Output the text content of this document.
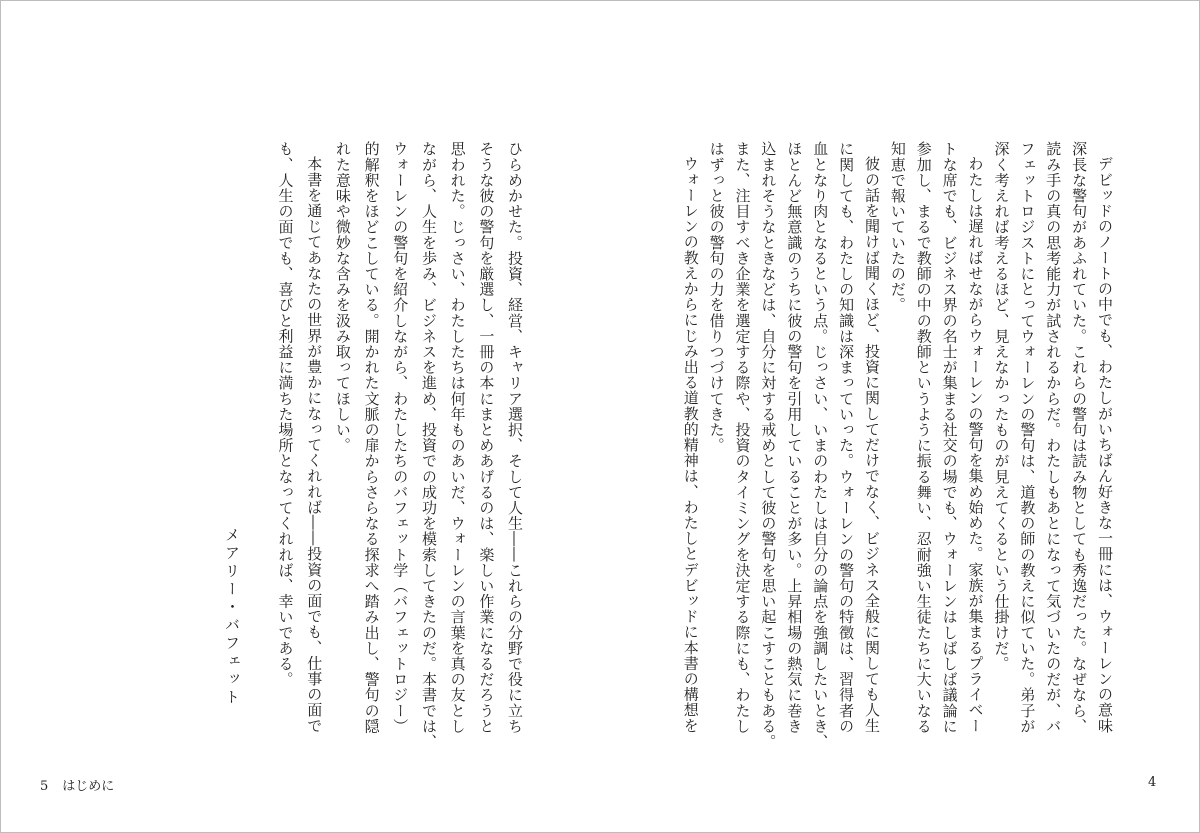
デビッドのノートの中でも、わたしがいちばん好きな一冊には、ウォーレンの意味
深長な警句があふれていた。これらの警句は読み物としても秀逸だった。なぜなら、
読み手の真の思考能力が試されるからだ。わたしもあとになって気づいたのだが、バ
フェットロジストにとってウォーレンの警句は、道教の師の教えに似ていた。弟子が
深く考えれば考えるほど、見えなかったものが見えてくるという仕掛けだ。
わたしは遅ればせながらウォーレンの警句を集め始めた。家族が集まるプライベー
トな席でも、ビジネス界の名士が集まる社交の場でも、ウォーレンはしばしば議論に
参加し、まるで教師の中の教師というように振る舞い、忍耐強い生徒たちに大いなる
知恵で報いていたのだ。
彼の話を聞けば聞くほど、投資に関してだけでなく、ビジネス全般に関しても人生
に関しても、わたしの知識は深まっていった。ウォーレンの警句の特徴は、習得者の
血となり肉となるという点。じっさい、いまのわたしは自分の論点を強調したいとき、
ほとんど無意識のうちに彼の警句を引用していることが多い。上昇相場の熱気に巻き
込まれそうなときなどは、自分に対する戒めとして彼の警句を思い起こすこともある。
また、注目すべき企業を選定する際や、投資のタイミングを決定する際にも、わたし
はずっと彼の警句の力を借りつづけてきた。
ウォーレンの教えからにじみ出る道教的精神は、わたしとデビッドに本書の構想を
ひらめかせた。投資、経営、キャリア選択、そして人生――これらの分野で役に立ち
そうな彼の警句を厳選し、一冊の本にまとめあげるのは、楽しい作業になるだろうと
思われた。じっさい、わたしたちは何年ものあいだ、ウォーレンの言葉を真の友とし
ながら、人生を歩み、ビジネスを進め、投資での成功を模索してきたのだ。本書では、
ウォーレンの警句を紹介しながら、わたしたちのバフェット学（バフェットロジー）
的解釈をほどこしている。開かれた文脈の扉からさらなる探求へ踏み出し、警句の隠
れた意味や微妙な含みを汲み取ってほしい。
本書を通じてあなたの世界が豊かになってくれれば――投資の面でも、仕事の面で
も、人生の面でも、喜びと利益に満ちた場所となってくれれば、幸いである。
メアリー・バフェット
5 はじめに	4
